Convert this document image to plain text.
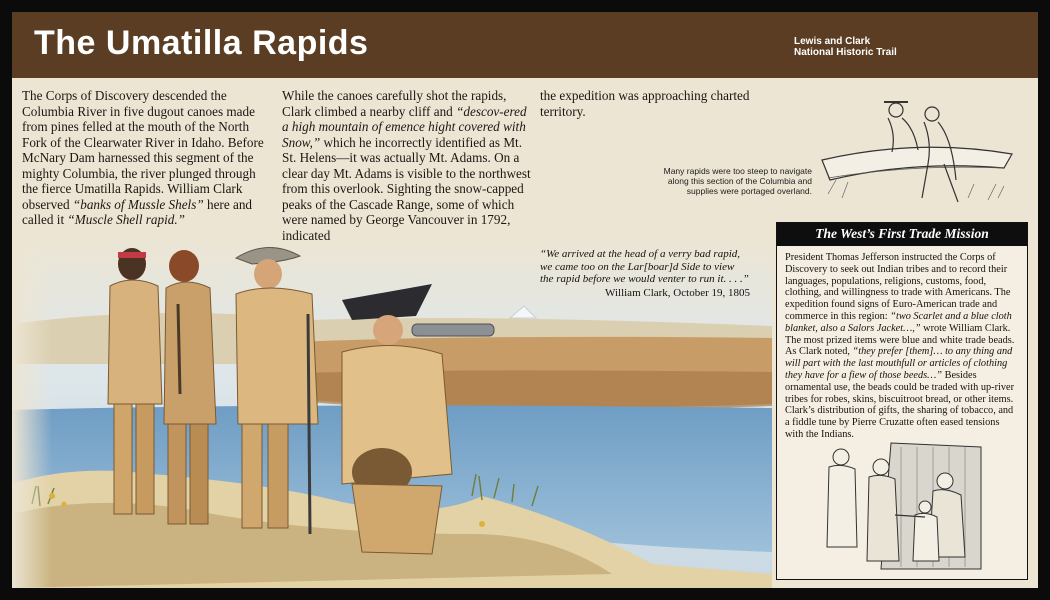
The Umatilla Rapids	Lewis and Clark
National Historic Trail

The Corps of Discovery descended the Columbia River in five dugout canoes made from pines felled at the mouth of the North Fork of the Clearwater River in Idaho. Before McNary Dam harnessed this segment of the mighty Columbia, the river plunged through the fierce Umatilla Rapids. William Clark observed “banks of Mussle Shels” here and called it “Muscle Shell rapid.”

While the canoes carefully shot the rapids, Clark climbed a nearby cliff and “descov-ered a high mountain of emence hight covered with Snow,” which he incorrectly identified as Mt. St. Helens—it was actually Mt. Adams. On a clear day Mt. Adams is visible to the northwest from this overlook. Sighting the snow-capped peaks of the Cascade Range, some of which were named by George Vancouver in 1792, indicated

the expedition was approaching charted territory.

“We arrived at the head of a verry bad rapid, we came too on the Lar[boar]d Side to view the rapid before we would venter to run it. . . .”
William Clark, October 19, 1805
Many rapids were too steep to navigate along this section of the Columbia and supplies were portaged overland.
The West’s First Trade Mission
President Thomas Jefferson instructed the Corps of Discovery to seek out Indian tribes and to record their languages, populations, religions, customs, food, clothing, and willingness to trade with Americans. The expedition found signs of Euro-American trade and commerce in this region: “two Scarlet and a blue cloth blanket, also a Salors Jacket…,” wrote William Clark. The most prized items were blue and white trade beads. As Clark noted, “they prefer [them]… to any thing and will part with the last mouthfull or articles of clothing they have for a fiew of those beeds…” Besides ornamental use, the beads could be traded with up-river tribes for robes, skins, biscuitroot bread, or other items. Clark’s distribution of gifts, the sharing of tobacco, and a fiddle tune by Pierre Cruzatte often eased tensions with the Indians.
